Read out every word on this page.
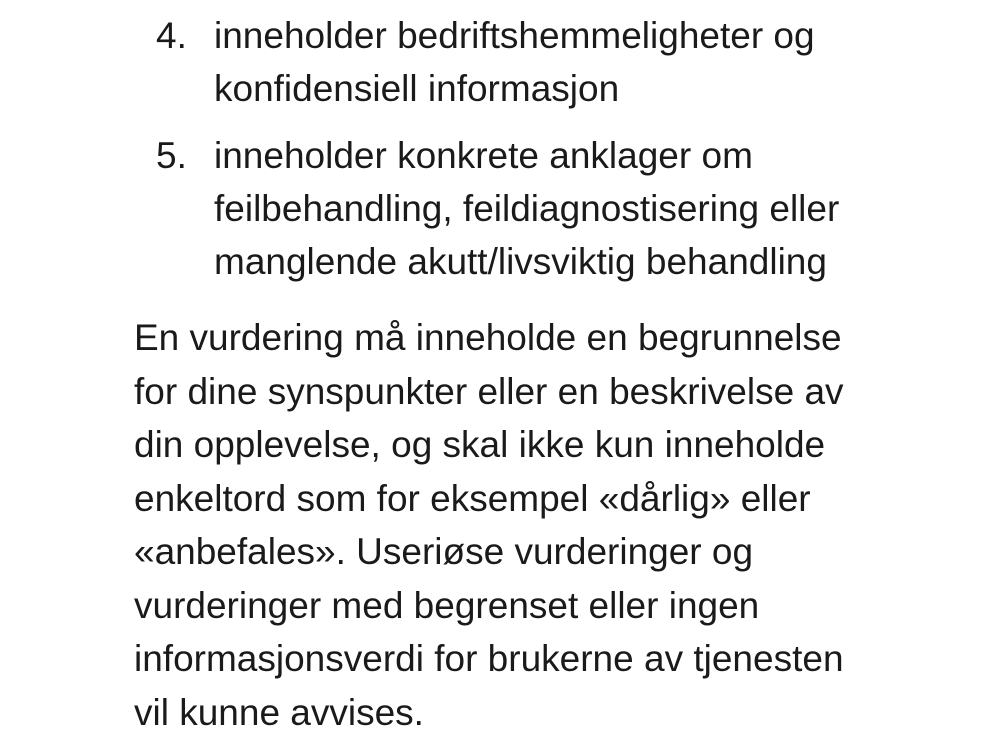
4. inneholder bedriftshemmeligheter og
konfidensiell informasjon
5. inneholder konkrete anklager om
feilbehandling, feildiagnostisering eller
manglende akutt/livsviktig behandling
En vurdering må inneholde en begrunnelse
for dine synspunkter eller en beskrivelse av
din opplevelse, og skal ikke kun inneholde
enkeltord som for eksempel «dårlig» eller
«anbefales». Useriøse vurderinger og
vurderinger med begrenset eller ingen
informasjonsverdi for brukerne av tjenesten
vil kunne avvises.
